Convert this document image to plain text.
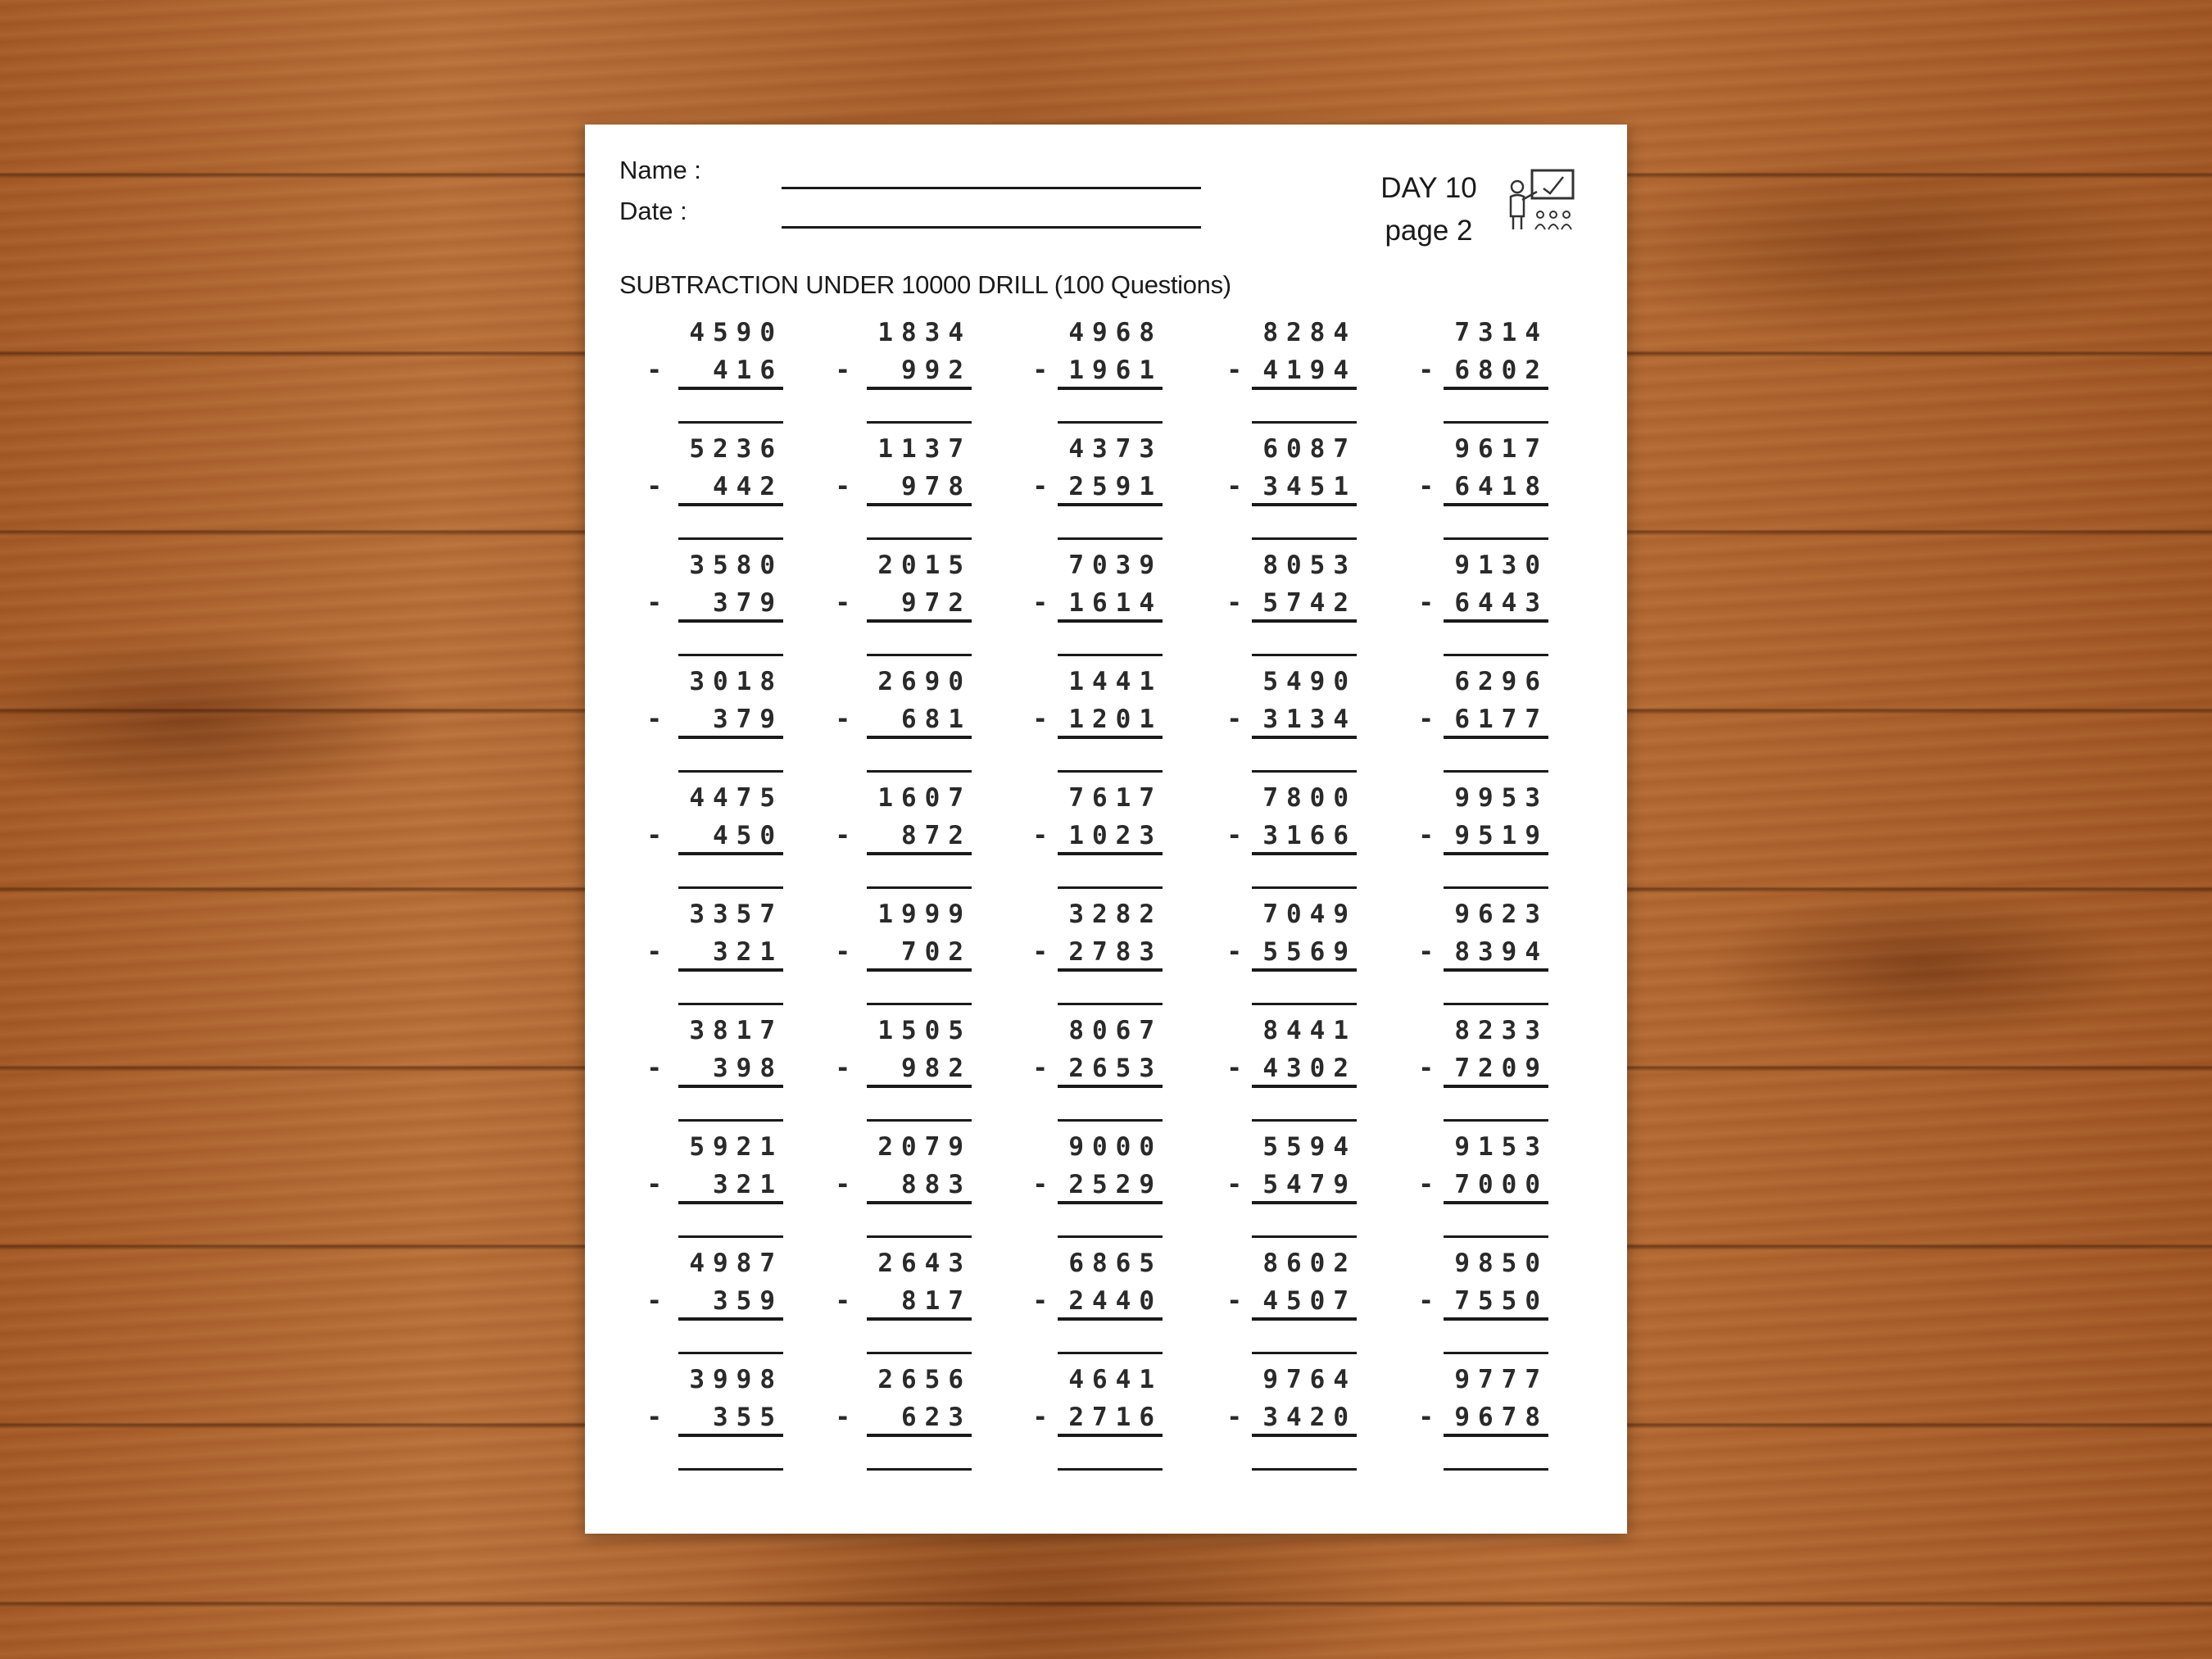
Name :
Date :
DAY 10
page 2
SUBTRACTION UNDER 10000 DRILL (100 Questions)
4590
-	416
1834
-	992
4968
- 1961
8284
- 4194
7314
- 6802
5236
-	442
1137
-	978
4373
- 2591
6087
- 3451
9617
- 6418
3580
-	379
2015
-	972
7039
- 1614
8053
- 5742
9130
- 6443
3018
-	379
2690
-	681
1441
- 1201
5490
- 3134
6296
- 6177
4475
-	450
1607
-	872
7617
- 1023
7800
- 3166
9953
- 9519
3357
-	321
1999
-	702
3282
- 2783
7049
- 5569
9623
- 8394
3817
-	398
1505
-	982
8067
- 2653
8441
- 4302
8233
- 7209
5921
-	321
2079
-	883
9000
- 2529
5594
- 5479
9153
- 7000
4987
-	359
2643
-	817
6865
- 2440
8602
- 4507
9850
- 7550
3998
-	355
2656
-	623
4641
- 2716
9764
- 3420
9777
- 9678
